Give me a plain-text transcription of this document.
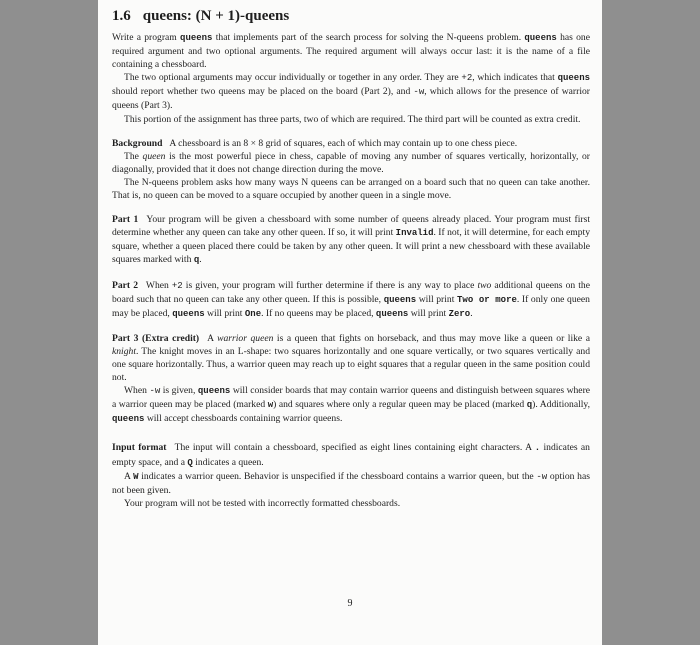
1.6 queens: (N + 1)-queens

Write a program queens that implements part of the search process for solving the N-queens problem. queens has one required argument and two optional arguments. The required argument will always occur last: it is the name of a file containing a chessboard.

The two optional arguments may occur individually or together in any order. They are +2, which indicates that queens should report whether two queens may be placed on the board (Part 2), and -w, which allows for the presence of warrior queens (Part 3).

This portion of the assignment has three parts, two of which are required. The third part will be counted as extra credit.

Background A chessboard is an 8 × 8 grid of squares, each of which may contain up to one chess piece.

The queen is the most powerful piece in chess, capable of moving any number of squares vertically, horizontally, or diagonally, provided that it does not change direction during the move.

The N-queens problem asks how many ways N queens can be arranged on a board such that no queen can take another. That is, no queen can be moved to a square occupied by another queen in a single move.

Part 1 Your program will be given a chessboard with some number of queens already placed. Your program must first determine whether any queen can take any other queen. If so, it will print Invalid. If not, it will determine, for each empty square, whether a queen placed there could be taken by any other queen. It will print a new chessboard with these available squares marked with q.

Part 2 When +2 is given, your program will further determine if there is any way to place two additional queens on the board such that no queen can take any other queen. If this is possible, queens will print Two or more. If only one queen may be placed, queens will print One. If no queens may be placed, queens will print Zero.

Part 3 (Extra credit) A warrior queen is a queen that fights on horseback, and thus may move like a queen or like a knight. The knight moves in an L-shape: two squares horizontally and one square vertically, or two squares vertically and one square horizontally. Thus, a warrior queen may reach up to eight squares that a regular queen in the same position could not.

When -w is given, queens will consider boards that may contain warrior queens and distinguish between squares where a warrior queen may be placed (marked w) and squares where only a regular queen may be placed (marked q). Additionally, queens will accept chessboards containing warrior queens.

Input format The input will contain a chessboard, specified as eight lines containing eight characters. A . indicates an empty space, and a Q indicates a queen.

A W indicates a warrior queen. Behavior is unspecified if the chessboard contains a warrior queen, but the -w option has not been given.

Your program will not be tested with incorrectly formatted chessboards.

9
